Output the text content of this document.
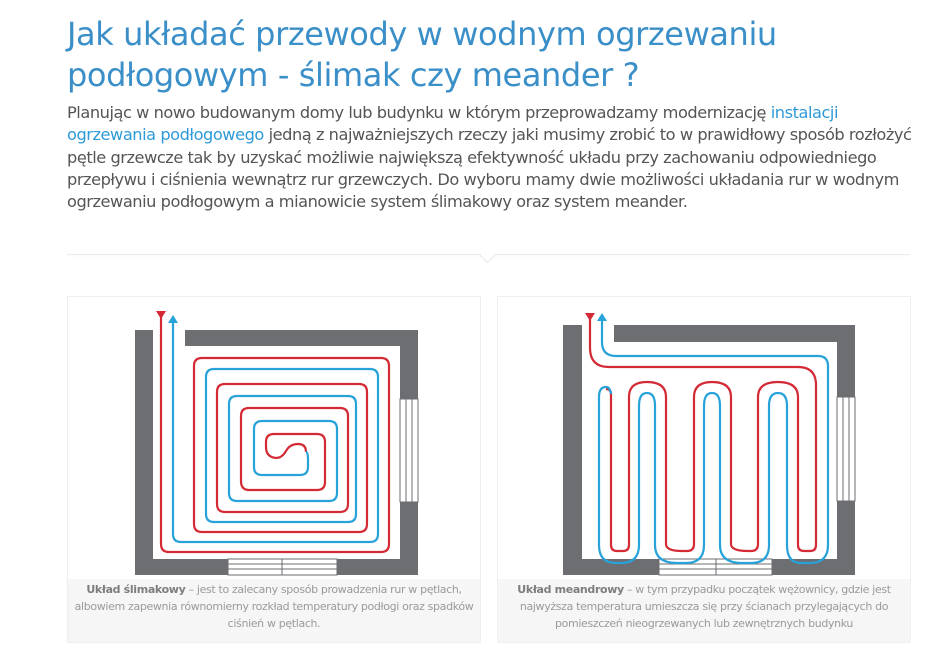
Jak układać przewody w wodnym ogrzewaniu podłogowym - ślimak czy meander ?

Planując w nowo budowanym domy lub budynku w którym przeprowadzamy modernizację instalacji ogrzewania podłogowego jedną z najważniejszych rzeczy jaki musimy zrobić to w prawidłowy sposób rozłożyć pętle grzewcze tak by uzyskać możliwie największą efektywność układu przy zachowaniu odpowiedniego przepływu i ciśnienia wewnątrz rur grzewczych. Do wyboru mamy dwie możliwości układania rur w wodnym ogrzewaniu podłogowym a mianowicie system ślimakowy oraz system meander.

Układ ślimakowy – jest to zalecany sposób prowadzenia rur w pętlach, albowiem zapewnia równomierny rozkład temperatury podłogi oraz spadków ciśnień w pętlach.
Układ meandrowy – w tym przypadku początek wężownicy, gdzie jest najwyższa temperatura umieszcza się przy ścianach przylegających do pomieszczeń nieogrzewanych lub zewnętrznych budynku
